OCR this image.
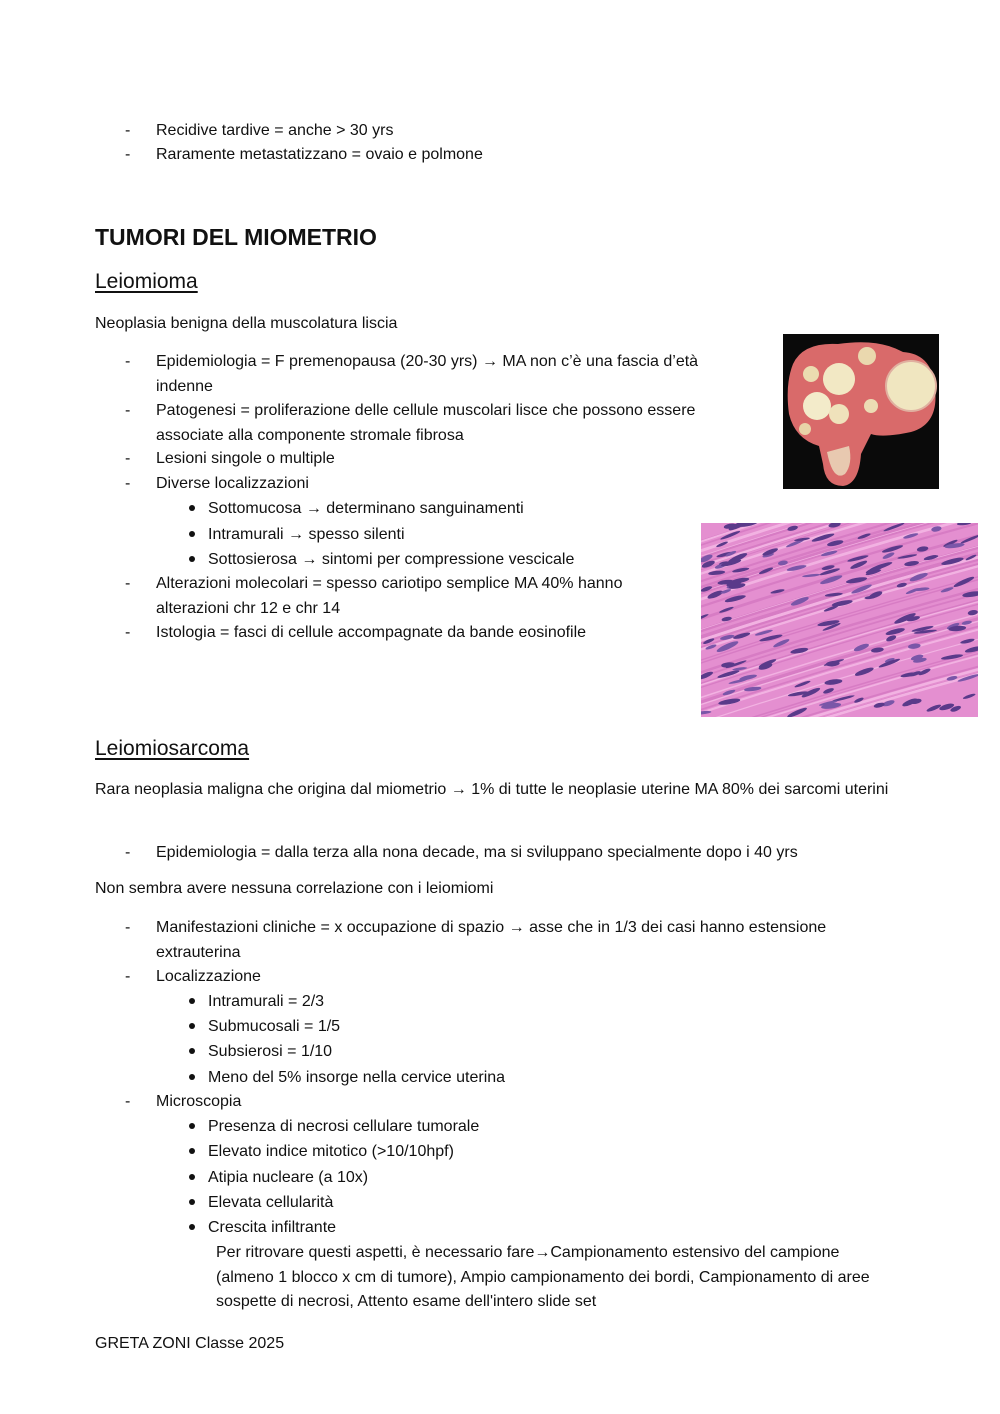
- Recidive tardive = anche > 30 yrs
- Raramente metastatizzano = ovaio e polmone
TUMORI DEL MIOMETRIO
Leiomioma
Neoplasia benigna della muscolatura liscia
- Epidemiologia = F premenopausa (20-30 yrs) → MA non c’è una fascia d’età indenne
- Patogenesi = proliferazione delle cellule muscolari lisce che possono essere associate alla componente stromale fibrosa
- Lesioni singole o multiple
- Diverse localizzazioni
Sottomucosa → determinano sanguinamenti
Intramurali → spesso silenti
Sottosierosa → sintomi per compressione vescicale
- Alterazioni molecolari = spesso cariotipo semplice MA 40% hanno alterazioni chr 12 e chr 14
- Istologia = fasci di cellule accompagnate da bande eosinofile
Leiomiosarcoma
Rara neoplasia maligna che origina dal miometrio → 1% di tutte le neoplasie uterine MA 80% dei sarcomi uterini
- Epidemiologia = dalla terza alla nona decade, ma si sviluppano specialmente dopo i 40 yrs
Non sembra avere nessuna correlazione con i leiomiomi
- Manifestazioni cliniche = x occupazione di spazio → asse che in 1/3 dei casi hanno estensione extrauterina
- Localizzazione
Intramurali = 2/3
Submucosali = 1/5
Subsierosi = 1/10
Meno del 5% insorge nella cervice uterina
- Microscopia
Presenza di necrosi cellulare tumorale
Elevato indice mitotico (>10/10hpf)
Atipia nucleare (a 10x)
Elevata cellularità
Crescita infiltrante
Per ritrovare questi aspetti, è necessario fare→Campionamento estensivo del campione (almeno 1 blocco x cm di tumore), Ampio campionamento dei bordi, Campionamento di aree sospette di necrosi, Attento esame dell'intero slide set
GRETA ZONI Classe 2025
